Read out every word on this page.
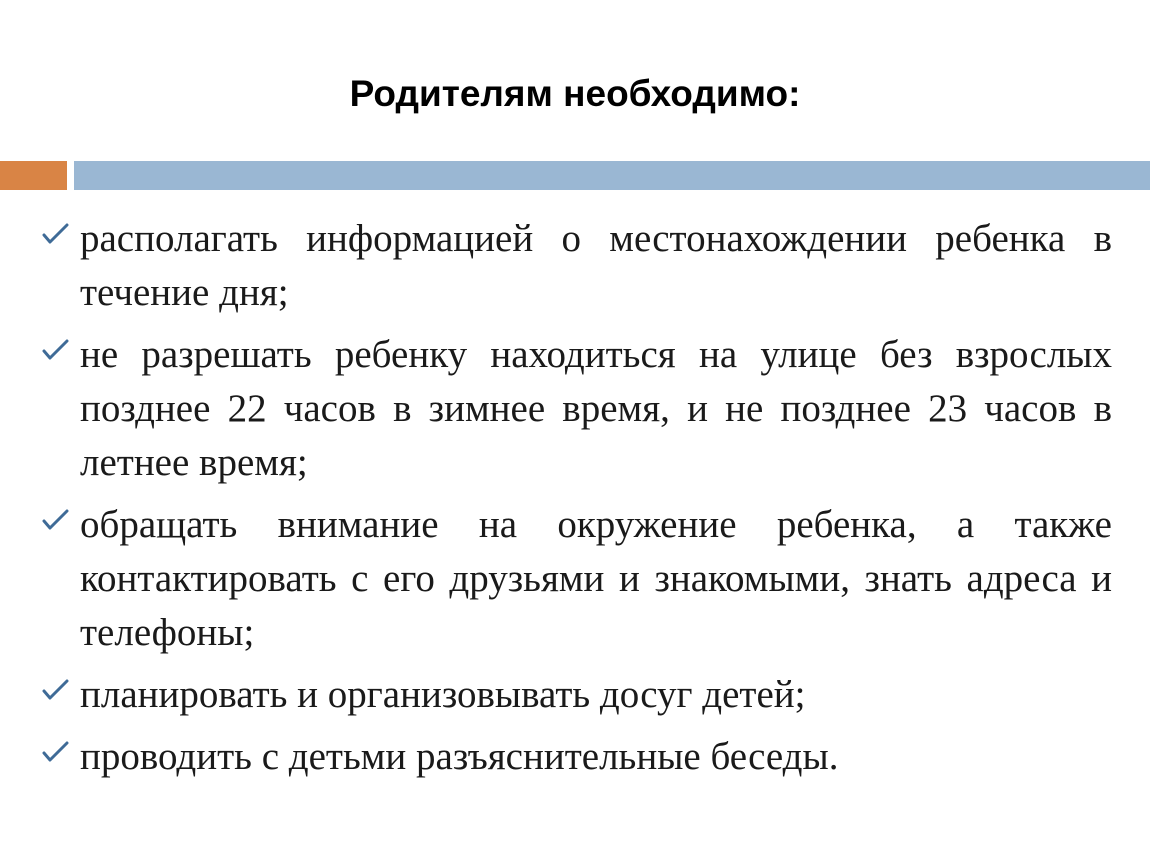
Родителям необходимо:
располагать информацией о местонахождении ребенка в течение дня;
не разрешать ребенку находиться на улице без взрослых позднее 22 часов в зимнее время, и не позднее 23 часов в летнее время;
обращать внимание на окружение ребенка, а также контактировать с его друзьями и знакомыми, знать адреса и телефоны;
планировать и организовывать досуг детей;
проводить с детьми разъяснительные беседы.
